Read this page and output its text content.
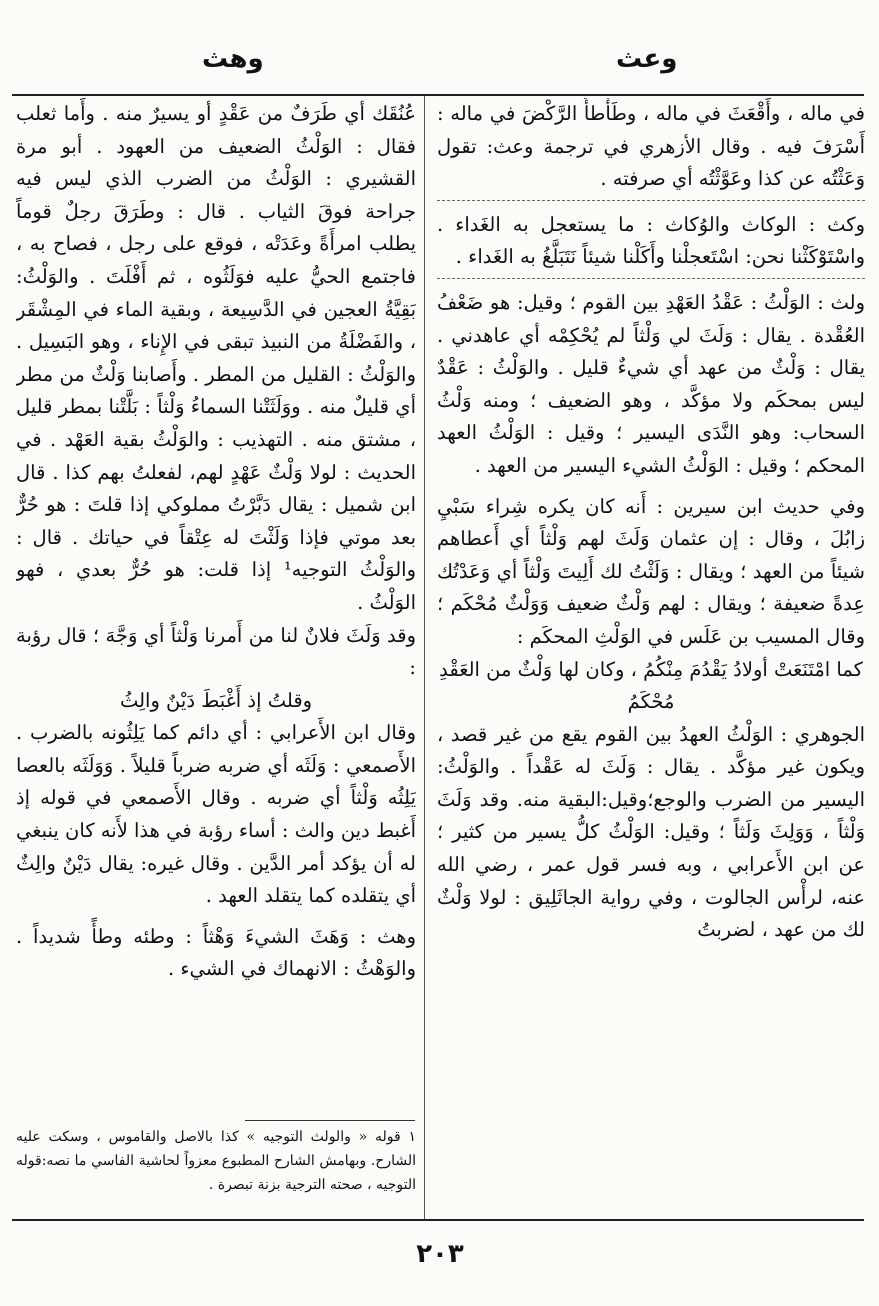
وعث
وهث

في ماله ، وأَقْعَثَ في ماله ، وطَأْطأَ الرَّكْضَ في ماله : أَسْرَفَ فيه . وقال الأزهري في ترجمة وعث: تقول وَعَثْتُه عن كذا وعَوَّثْتُه أي صرفته .

وكث : الوكاث والوُكاث : ما يستعجل به الغَداء . واسْتَوْكَثْنا نحن: اسْتَعجلْنا وأَكَلْنا شيئاً نَتَبَلَّغُ به الغَداء .

ولث : الوَلْثُ : عَقْدُ العَهْدِ بين القوم ؛ وقيل: هو ضَعْفُ العُقْدة . يقال : وَلَثَ لي وَلْثاً لم يُحْكِمْه أي عاهدني . يقال : وَلْثٌ من عهد أي شيءٌ قليل . والوَلْثُ : عَقْدٌ ليس بمحكَم ولا مؤكَّد ، وهو الضعيف ؛ ومنه وَلْثُ السحاب: وهو النَّدَى اليسير ؛ وقيل : الوَلْثُ العهد المحكم ؛ وقيل : الوَلْثُ الشيء اليسير من العهد .

وفي حديث ابن سيرين : أَنه كان يكره شِراء سَبْيِ زابُلَ ، وقال : إن عثمان وَلَثَ لهم وَلْثاً أي أَعطاهم شيئاً من العهد ؛ ويقال : وَلَثْتُ لك أَلِيتَ وَلْثاً أي وَعَدْتُك عِدةً ضعيفة ؛ ويقال : لهم وَلْثٌ ضعيف وَوَلْثٌ مُحْكَم ؛ وقال المسيب بن عَلَس في الوَلْثِ المحكَم :

كما امْتَنَعَتْ أولادُ يَقْدُمَ مِنْكُمُ ، وكان لها وَلْثٌ من العَقْدِ مُحْكَمُ

الجوهري : الوَلْثُ العهدُ بين القوم يقع من غير قصد ، ويكون غير مؤكَّد . يقال : وَلَثَ له عَقْداً . والوَلْثُ: اليسير من الضرب والوجع؛وقيل:البقية منه. وقد وَلَثَ وَلْثاً ، وَوَلِثَ وَلَثاً ؛ وقيل: الوَلْثُ كلُّ يسير من كثير ؛ عن ابن الأَعرابي ، وبه فسر قول عمر ، رضي الله عنه، لرأْس الجالوت ، وفي رواية الجاثَلِيق : لولا وَلْثٌ لك من عهد ، لضربتُ

عُنُقَك أي طَرَفٌ من عَقْدٍ أو يسيرٌ منه . وأَما ثعلب فقال : الوَلْثُ الضعيف من العهود . أبو مرة القشيري : الوَلْثُ من الضرب الذي ليس فيه جراحة فوقَ الثياب . قال : وطَرَقَ رجلٌ قوماً يطلب امرأَةً وعَدَتْه ، فوقع على رجل ، فصاح به ، فاجتمع الحيُّ عليه فوَلَثُوه ، ثم أَفْلَتَ . والوَلْثُ: بَقِيَّةُ العجين في الدَّسِيعة ، وبقية الماء في المِشْقَر ، والفَضْلَةُ من النبيذ تبقى في الإِناء ، وهو البَسِيل . والوَلْثُ : القليل من المطر . وأَصابنا وَلْثٌ من مطر أي قليلٌ منه . ووَلَثَتْنا السماءُ وَلْثاً : بَلَّتْنا بمطر قليل ، مشتق منه . التهذيب : والوَلْثُ بقية العَهْد . في الحديث : لولا وَلْثٌ عَهْدٍ لهم، لفعلتُ بهم كذا . قال ابن شميل : يقال دَبَّرْتُ مملوكي إذا قلتَ : هو حُرٌّ بعد موتي فإذا وَلَثْتَ له عِتْقاً في حياتك . قال : والوَلْثُ التوجيه¹ إذا قلت: هو حُرٌّ بعدي ، فهو الوَلْثُ .

وقد وَلَثَ فلانٌ لنا من أَمرنا وَلْثاً أي وَجَّهَ ؛ قال رؤبة :

وقلتُ إذ أَغْبَطَ دَيْنٌ والِثُ

وقال ابن الأَعرابي : أي دائم كما يَلِثُونه بالضرب . الأَصمعي : وَلَثَه أي ضربه ضرباً قليلاً . وَوَلَثَه بالعصا يَلِثُه وَلْثاً أي ضربه . وقال الأَصمعي في قوله إذ أَغبط دين والث : أساء رؤبة في هذا لأَنه كان ينبغي له أن يؤكد أمر الدَّين . وقال غيره: يقال دَيْنٌ والِثٌ أي يتقلده كما يتقلد العهد .

وهث : وَهَثَ الشيءَ وَهْثاً : وطئه وطأً شديداً . والوَهْثُ : الانهماك في الشيء .

١ قوله « والولث التوجيه » كذا بالاصل والقاموس ، وسكت عليه الشارح. وبهامش الشارح المطبوع معزواً لحاشية الفاسي ما نصه:قوله التوجيه ، صحته الترجية بزنة تبصرة .
٢٠٣
